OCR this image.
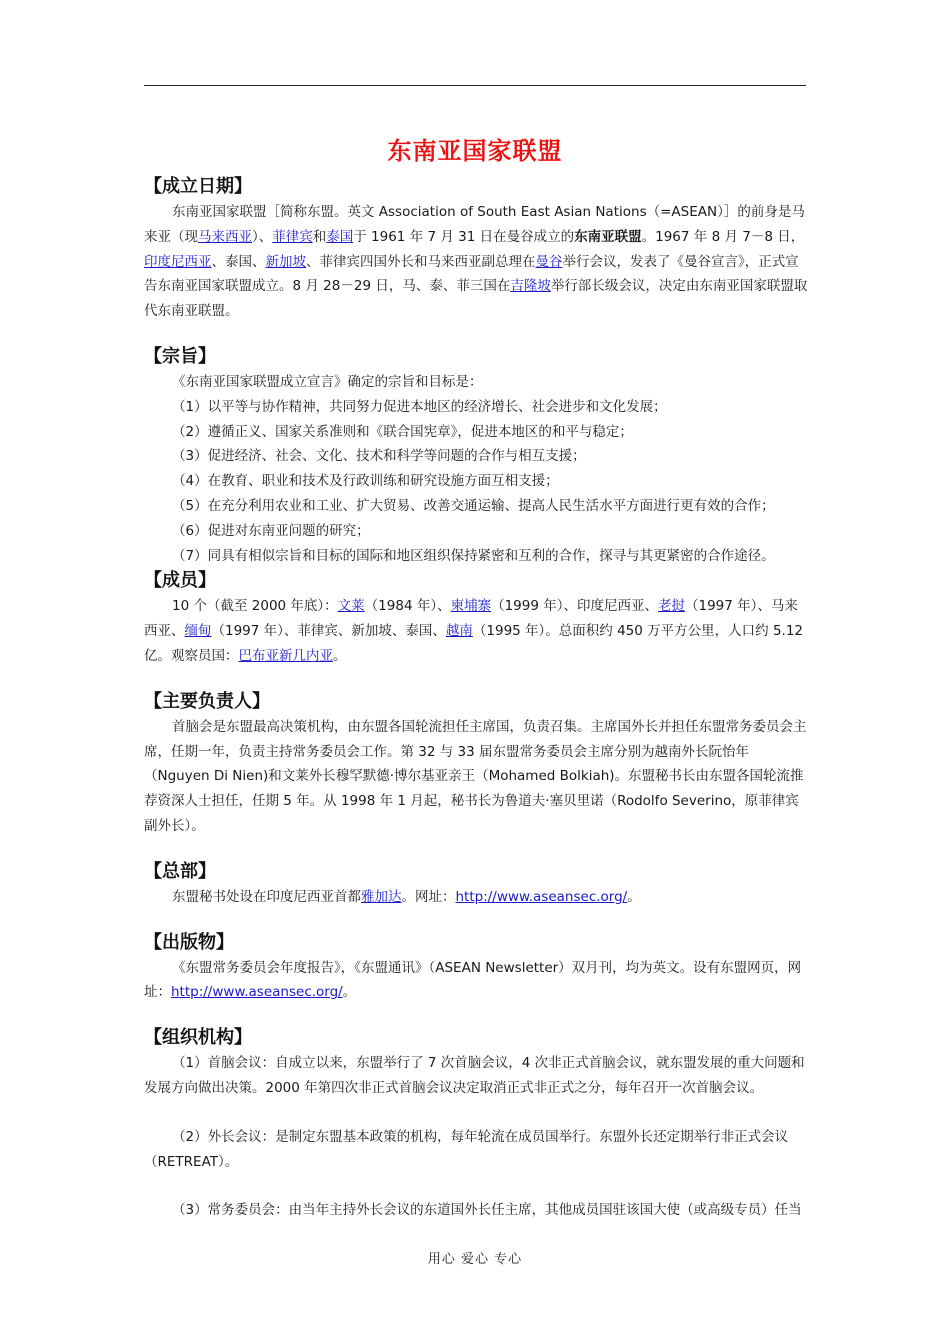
东南亚国家联盟
【成立日期】

东南亚国家联盟［简称东盟。英文 Association of South East Asian Nations（=ASEAN）］的前身是马来亚（现马来西亚）、菲律宾和泰国于 1961 年 7 月 31 日在曼谷成立的东南亚联盟。1967 年 8 月 7－8 日，印度尼西亚、泰国、新加坡、菲律宾四国外长和马来西亚副总理在曼谷举行会议，发表了《曼谷宣言》，正式宣告东南亚国家联盟成立。8 月 28－29 日，马、泰、菲三国在吉隆坡举行部长级会议，决定由东南亚国家联盟取代东南亚联盟。

【宗旨】

《东南亚国家联盟成立宣言》确定的宗旨和目标是：

（1）以平等与协作精神，共同努力促进本地区的经济增长、社会进步和文化发展；

（2）遵循正义、国家关系准则和《联合国宪章》，促进本地区的和平与稳定；

（3）促进经济、社会、文化、技术和科学等问题的合作与相互支援；

（4）在教育、职业和技术及行政训练和研究设施方面互相支援；

（5）在充分利用农业和工业、扩大贸易、改善交通运输、提高人民生活水平方面进行更有效的合作；

（6）促进对东南亚问题的研究；

（7）同具有相似宗旨和目标的国际和地区组织保持紧密和互利的合作，探寻与其更紧密的合作途径。

【成员】

10 个（截至 2000 年底）：文莱（1984 年）、柬埔寨（1999 年）、印度尼西亚、老挝（1997 年）、马来西亚、缅甸（1997 年）、菲律宾、新加坡、泰国、越南（1995 年）。总面积约 450 万平方公里，人口约 5.12 亿。观察员国：巴布亚新几内亚。

【主要负责人】

首脑会是东盟最高决策机构，由东盟各国轮流担任主席国，负责召集。主席国外长并担任东盟常务委员会主席，任期一年，负责主持常务委员会工作。第 32 与 33 届东盟常务委员会主席分别为越南外长阮怡年（Nguyen Di Nien)和文莱外长穆罕默德·博尔基亚亲王（Mohamed Bolkiah)。东盟秘书长由东盟各国轮流推荐资深人士担任，任期 5 年。从 1998 年 1 月起，秘书长为鲁道夫·塞贝里诺（Rodolfo Severino，原菲律宾副外长）。

【总部】

东盟秘书处设在印度尼西亚首都雅加达。网址：http://www.aseansec.org/。

【出版物】

《东盟常务委员会年度报告》，《东盟通讯》（ASEAN Newsletter）双月刊，均为英文。设有东盟网页，网址：http://www.aseansec.org/。

【组织机构】

（1）首脑会议：自成立以来，东盟举行了 7 次首脑会议，4 次非正式首脑会议，就东盟发展的重大问题和发展方向做出决策。2000 年第四次非正式首脑会议决定取消正式非正式之分，每年召开一次首脑会议。

（2）外长会议：是制定东盟基本政策的机构，每年轮流在成员国举行。东盟外长还定期举行非正式会议（RETREAT）。

（3）常务委员会：由当年主持外长会议的东道国外长任主席，其他成员国驻该国大使（或高级专员）任当

用心 爱心 专心
